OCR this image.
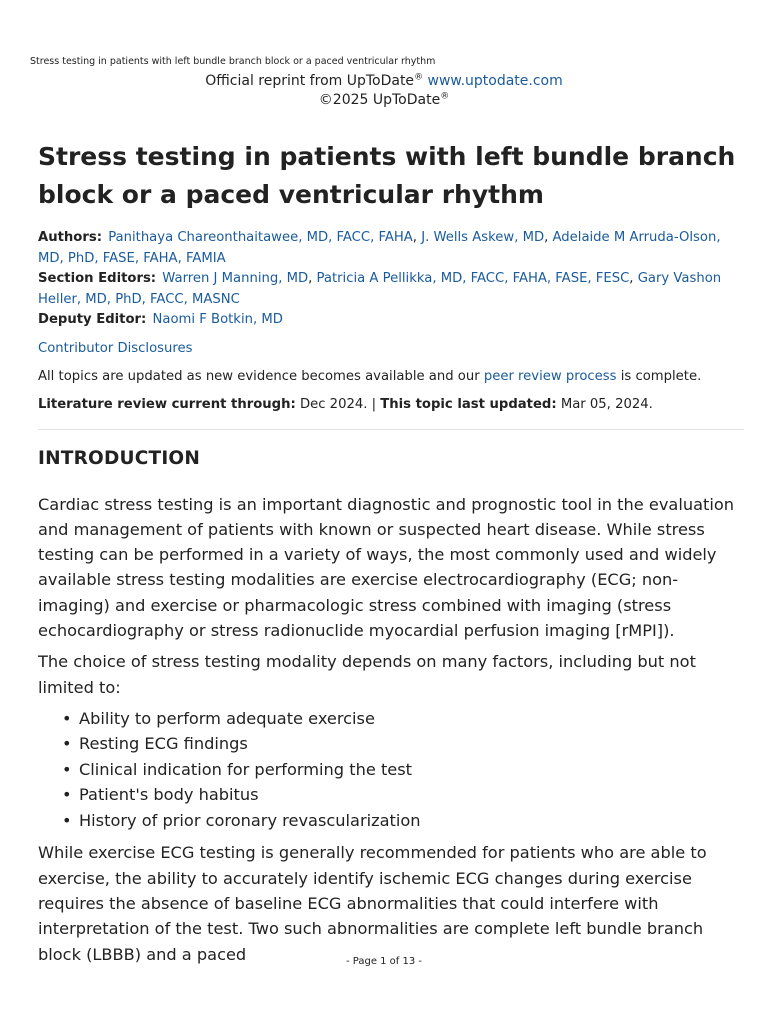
Stress testing in patients with left bundle branch block or a paced ventricular rhythm
Official reprint from UpToDate® www.uptodate.com
©2025 UpToDate®
Stress testing in patients with left bundle branch block or a paced ventricular rhythm
Authors: Panithaya Chareonthaitawee, MD, FACC, FAHA, J. Wells Askew, MD, Adelaide M Arruda-Olson, MD, PhD, FASE, FAHA, FAMIA
Section Editors: Warren J Manning, MD, Patricia A Pellikka, MD, FACC, FAHA, FASE, FESC, Gary Vashon Heller, MD, PhD, FACC, MASNC
Deputy Editor: Naomi F Botkin, MD
Contributor Disclosures
All topics are updated as new evidence becomes available and our peer review process is complete.
Literature review current through: Dec 2024. | This topic last updated: Mar 05, 2024.
INTRODUCTION

Cardiac stress testing is an important diagnostic and prognostic tool in the evaluation and management of patients with known or suspected heart disease. While stress testing can be performed in a variety of ways, the most commonly used and widely available stress testing modalities are exercise electrocardiography (ECG; non-imaging) and exercise or pharmacologic stress combined with imaging (stress echocardiography or stress radionuclide myocardial perfusion imaging [rMPI]).

The choice of stress testing modality depends on many factors, including but not limited to:

• Ability to perform adequate exercise
• Resting ECG findings
• Clinical indication for performing the test
• Patient's body habitus
• History of prior coronary revascularization

While exercise ECG testing is generally recommended for patients who are able to exercise, the ability to accurately identify ischemic ECG changes during exercise requires the absence of baseline ECG abnormalities that could interfere with interpretation of the test. Two such abnormalities are complete left bundle branch block (LBBB) and a paced	- Page 1 of 13 -
